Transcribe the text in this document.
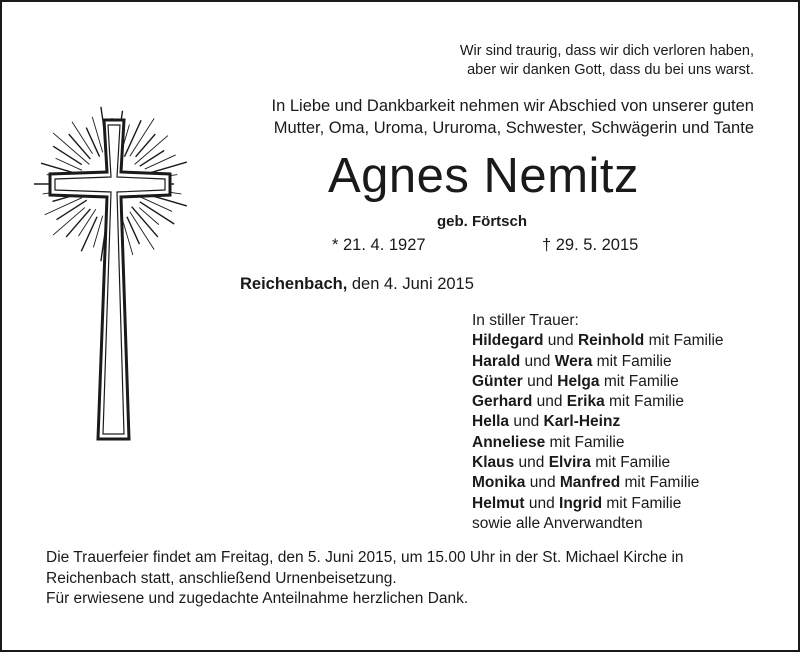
Wir sind traurig, dass wir dich verloren haben,
aber wir danken Gott, dass du bei uns warst.
In Liebe und Dankbarkeit nehmen wir Abschied von unserer guten
Mutter, Oma, Uroma, Ururoma, Schwester, Schwägerin und Tante
Agnes Nemitz
geb. Förtsch
* 21. 4. 1927	† 29. 5. 2015
Reichenbach, den 4. Juni 2015
In stiller Trauer:
Hildegard und Reinhold mit Familie
Harald und Wera mit Familie
Günter und Helga mit Familie
Gerhard und Erika mit Familie
Hella und Karl-Heinz
Anneliese mit Familie
Klaus und Elvira mit Familie
Monika und Manfred mit Familie
Helmut und Ingrid mit Familie
sowie alle Anverwandten
Die Trauerfeier findet am Freitag, den 5. Juni 2015, um 15.00 Uhr in der St. Michael Kirche in
Reichenbach statt, anschließend Urnenbeisetzung.
Für erwiesene und zugedachte Anteilnahme herzlichen Dank.
